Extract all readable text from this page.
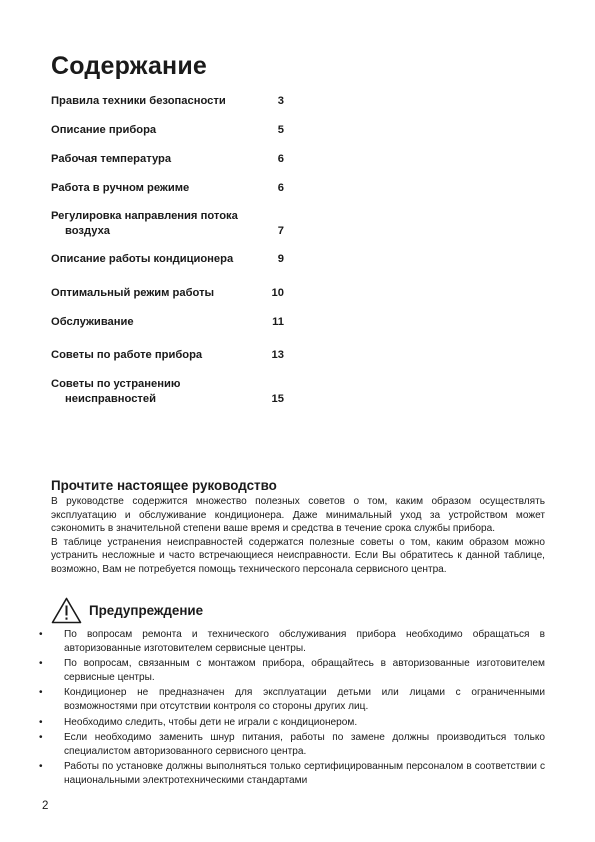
Содержание
Правила техники безопасности	3
Описание прибора	5
Рабочая температура	6
Работа в ручном режиме	6
Регулировка направления потока
воздуха	7
Описание работы кондиционера	9
Оптимальный режим работы	10
Обслуживание	11
Советы по работе прибора	13
Советы по устранению
неисправностей	15
Прочтите настоящее руководство

В руководстве содержится множество полезных советов о том, каким образом осуществлять эксплуатацию и обслуживание кондиционера. Даже минимальный уход за устройством может сэкономить в значительной степени ваше время и средства в течение срока службы прибора.

В таблице устранения неисправностей содержатся полезные советы о том, каким образом можно устранить несложные и часто встречающиеся неисправности. Если Вы обратитесь к данной таблице, возможно, Вам не потребуется помощь технического персонала сервисного центра.

Предупреждение
• По вопросам ремонта и технического обслуживания прибора необходимо обращаться в авторизованные изготовителем сервисные центры.
• По вопросам, связанным с монтажом прибора, обращайтесь в авторизованные изготовителем сервисные центры.
• Кондиционер не предназначен для эксплуатации детьми или лицами с ограниченными возможностями при отсутствии контроля со стороны других лиц.
• Необходимо следить, чтобы дети не играли с кондиционером.
• Если необходимо заменить шнур питания, работы по замене должны производиться только специалистом авторизованного сервисного центра.
• Работы по установке должны выполняться только сертифицированным персоналом в соответствии с национальными электротехническими стандартами
2
